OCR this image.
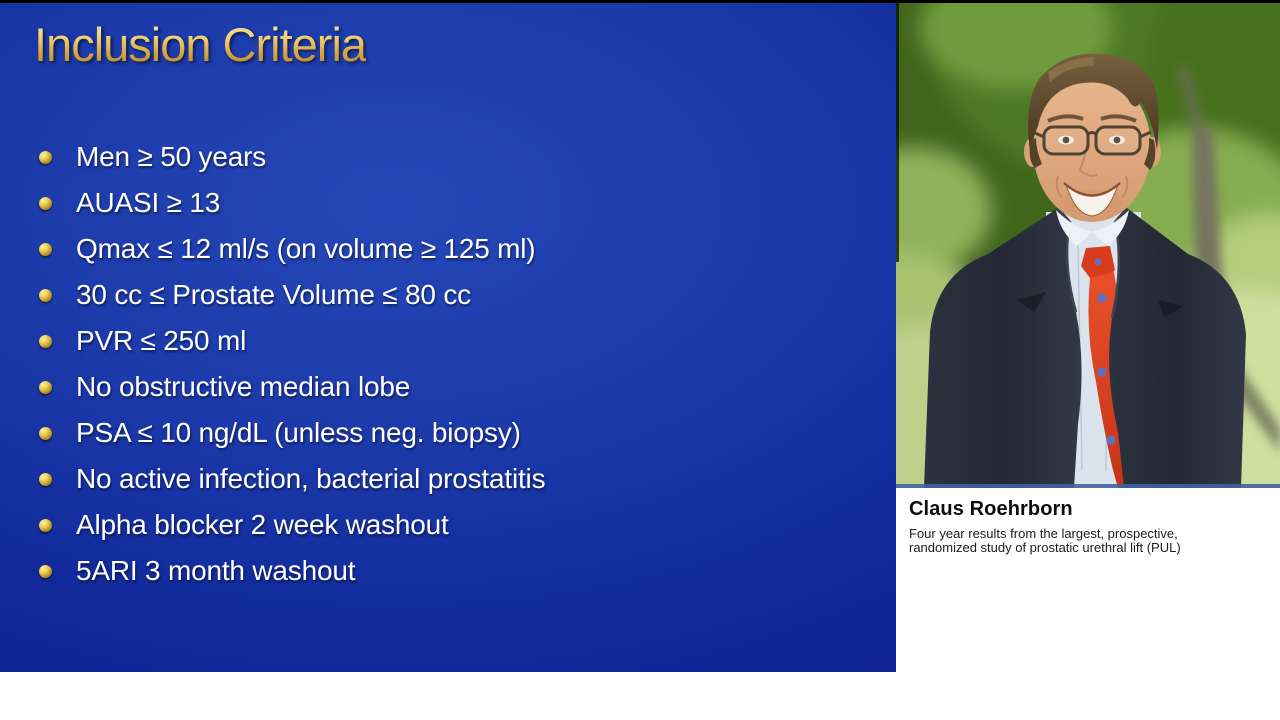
Inclusion Criteria
Men ≥ 50 years
AUASI ≥ 13
Qmax ≤ 12 ml/s (on volume ≥ 125 ml)
30 cc ≤ Prostate Volume ≤ 80 cc
PVR ≤ 250 ml
No obstructive median lobe
PSA ≤ 10 ng/dL (unless neg. biopsy)
No active infection, bacterial prostatitis
Alpha blocker 2 week washout
5ARI 3 month washout
Claus Roehrborn
Four year results from the largest, prospective,
randomized study of prostatic urethral lift (PUL)
